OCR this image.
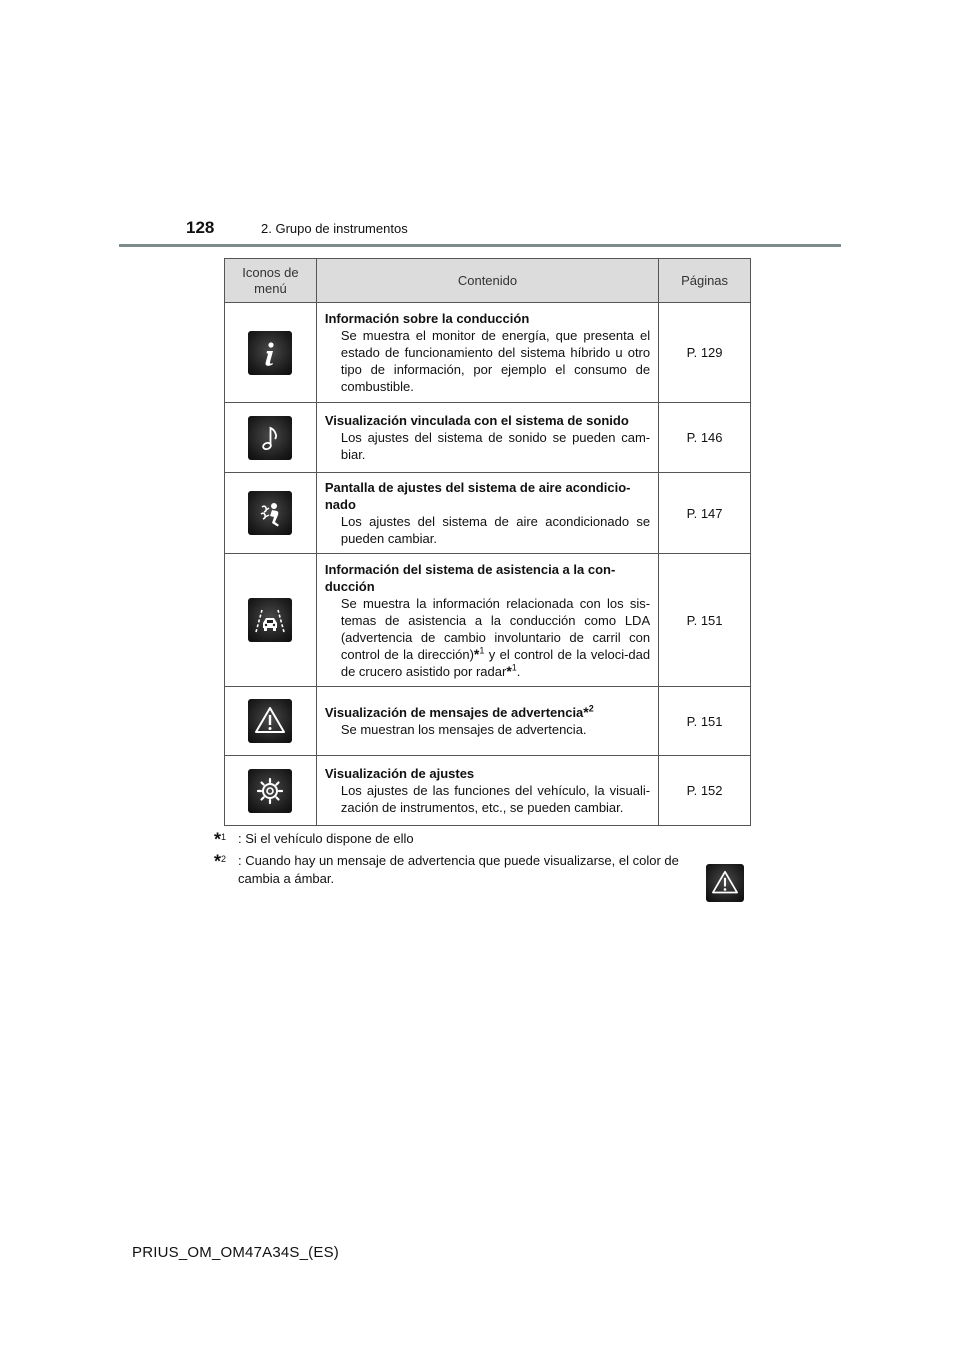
128	2. Grupo de instrumentos
Iconos de
menú	Contenido	Páginas

Información sobre la conducción
Se muestra el monitor de energía, que presenta el estado de funcionamiento del sistema híbrido u otro tipo de información, por ejemplo el consumo de combustible.	P. 129

Visualización vinculada con el sistema de sonido
Los ajustes del sistema de sonido se pueden cam-biar.	P. 146

Pantalla de ajustes del sistema de aire acondicio-nado
Los ajustes del sistema de aire acondicionado se pueden cambiar.	P. 147

Información del sistema de asistencia a la con-ducción
Se muestra la información relacionada con los sis-temas de asistencia a la conducción como LDA (advertencia de cambio involuntario de carril con control de la dirección)*$^1$ y el control de la veloci-dad de crucero asistido por radar*$^1$.	P. 151

Visualización de mensajes de advertencia*$^2$
Se muestran los mensajes de advertencia.	P. 151

Visualización de ajustes
Los ajustes de las funciones del vehículo, la visuali-zación de instrumentos, etc., se pueden cambiar.	P. 152
*$^1$ : Si el vehículo dispone de ello
*$^2$ : Cuando hay un mensaje de advertencia que puede visualizarse, el color de cambia a ámbar.
PRIUS_OM_OM47A34S_(ES)
